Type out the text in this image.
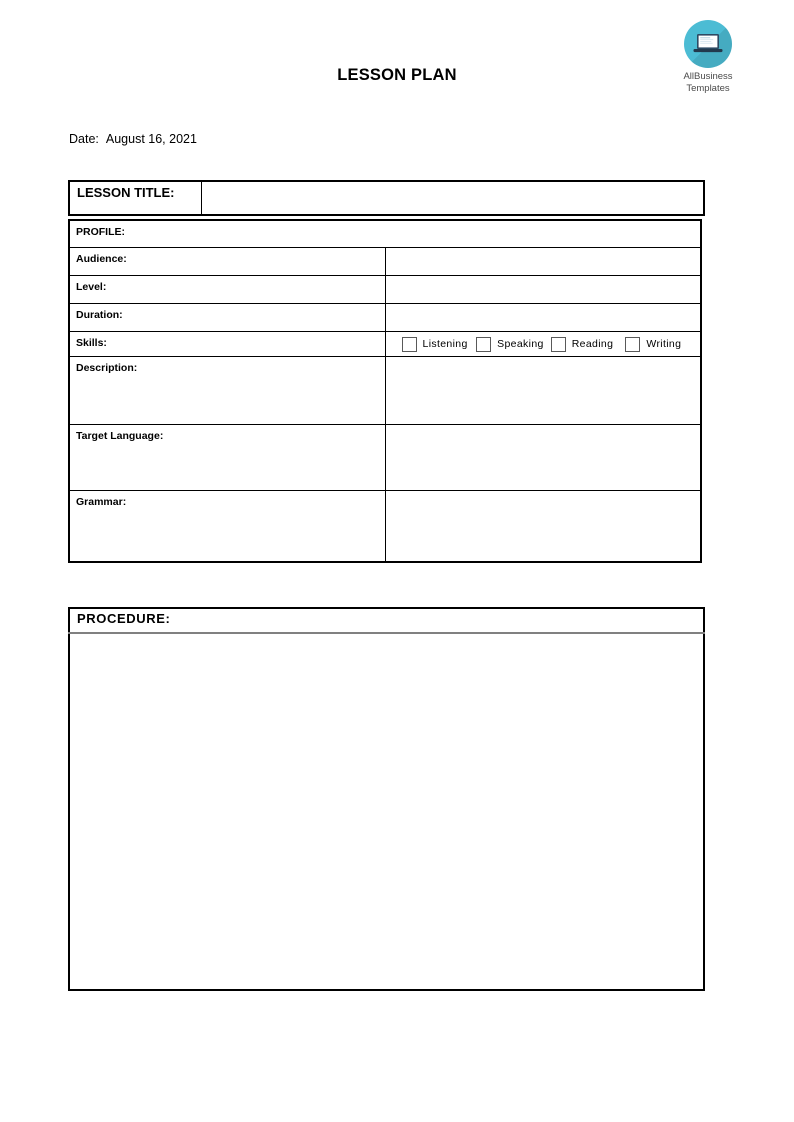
AllBusiness
Templates
LESSON PLAN
Date: August 16, 2021
LESSON TITLE:	
PROFILE:	
Audience:	
Level:	
Duration:	
Skills:	Listening Speaking Reading Writing

Description:	
Target Language:	
Grammar:	
PROCEDURE:
